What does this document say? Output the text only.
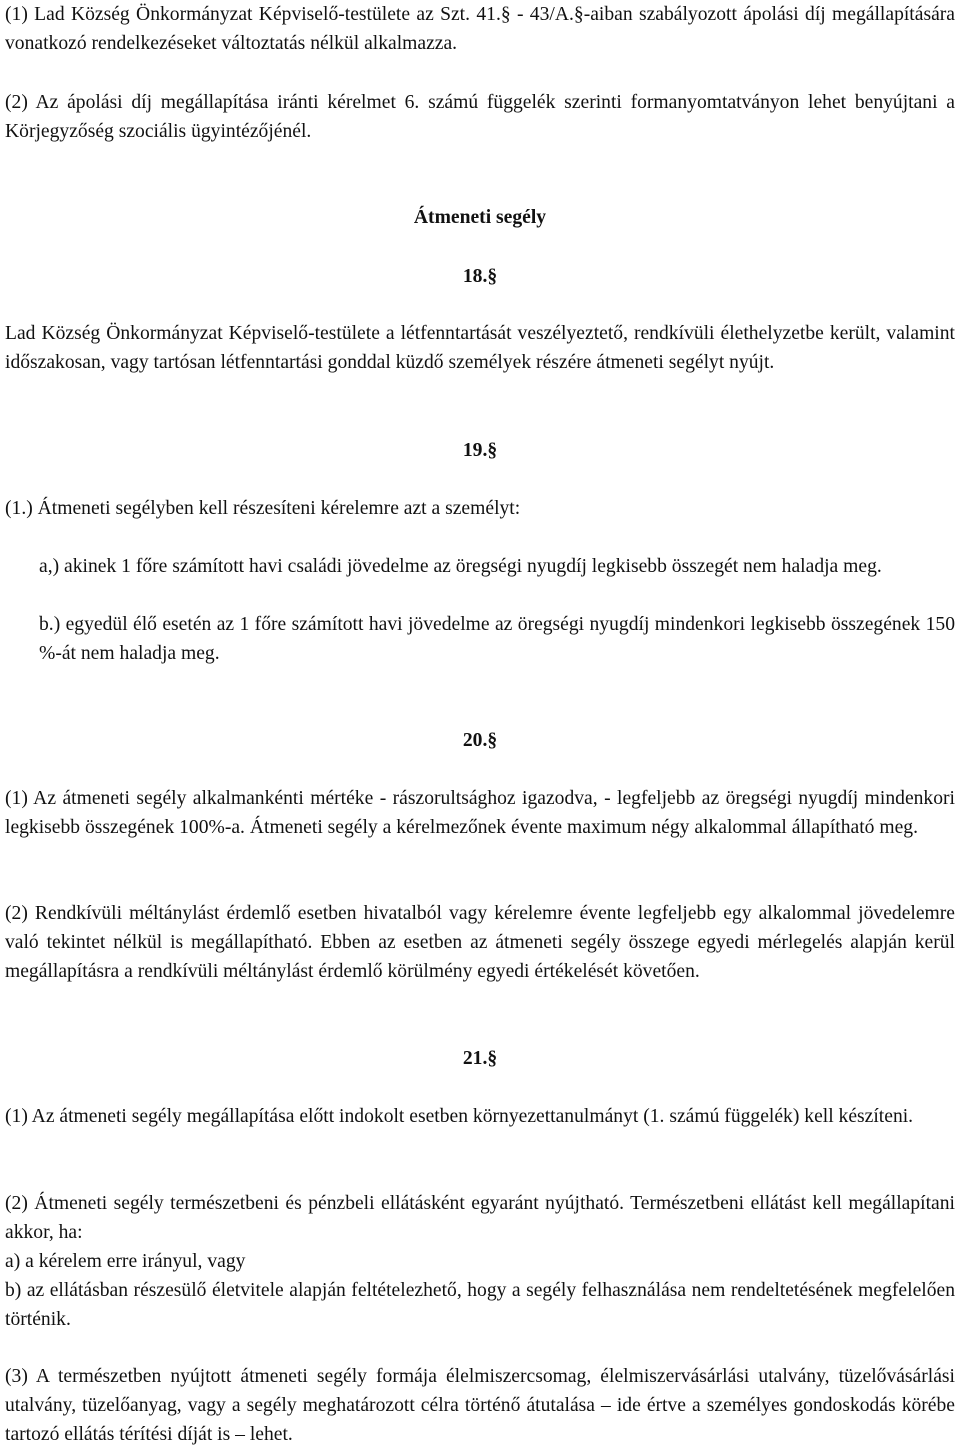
(1) Lad Község Önkormányzat Képviselő-testülete az Szt. 41.§ - 43/A.§-aiban szabályozott ápolási díj megállapítására vonatkozó rendelkezéseket változtatás nélkül alkalmazza.

(2) Az ápolási díj megállapítása iránti kérelmet 6. számú függelék szerinti formanyomtatványon lehet benyújtani a Körjegyzőség szociális ügyintézőjénél.

Átmeneti segély

18.§

Lad Község Önkormányzat Képviselő-testülete a létfenntartását veszélyeztető, rendkívüli élethelyzetbe került, valamint időszakosan, vagy tartósan létfenntartási gonddal küzdő személyek részére átmeneti segélyt nyújt.

19.§

(1.) Átmeneti segélyben kell részesíteni kérelemre azt a személyt:

a,) akinek 1 főre számított havi családi jövedelme az öregségi nyugdíj legkisebb összegét nem haladja meg.

b.) egyedül élő esetén az 1 főre számított havi jövedelme az öregségi nyugdíj mindenkori legkisebb összegének 150 %-át nem haladja meg.

20.§

(1) Az átmeneti segély alkalmankénti mértéke - rászorultsághoz igazodva, - legfeljebb az öregségi nyugdíj mindenkori legkisebb összegének 100%-a. Átmeneti segély a kérelmezőnek évente maximum négy alkalommal állapítható meg.

(2) Rendkívüli méltánylást érdemlő esetben hivatalból vagy kérelemre évente legfeljebb egy alkalommal jövedelemre való tekintet nélkül is megállapítható. Ebben az esetben az átmeneti segély összege egyedi mérlegelés alapján kerül megállapításra a rendkívüli méltánylást érdemlő körülmény egyedi értékelését követően.

21.§

(1) Az átmeneti segély megállapítása előtt indokolt esetben környezettanulmányt (1. számú függelék) kell készíteni.

(2) Átmeneti segély természetbeni és pénzbeli ellátásként egyaránt nyújtható. Természetbeni ellátást kell megállapítani akkor, ha:

a) a kérelem erre irányul, vagy

b) az ellátásban részesülő életvitele alapján feltételezhető, hogy a segély felhasználása nem rendeltetésének megfelelően történik.

(3) A természetben nyújtott átmeneti segély formája élelmiszercsomag, élelmiszervásárlási utalvány, tüzelővásárlási utalvány, tüzelőanyag, vagy a segély meghatározott célra történő átutalása – ide értve a személyes gondoskodás körébe tartozó ellátás térítési díját is – lehet.
